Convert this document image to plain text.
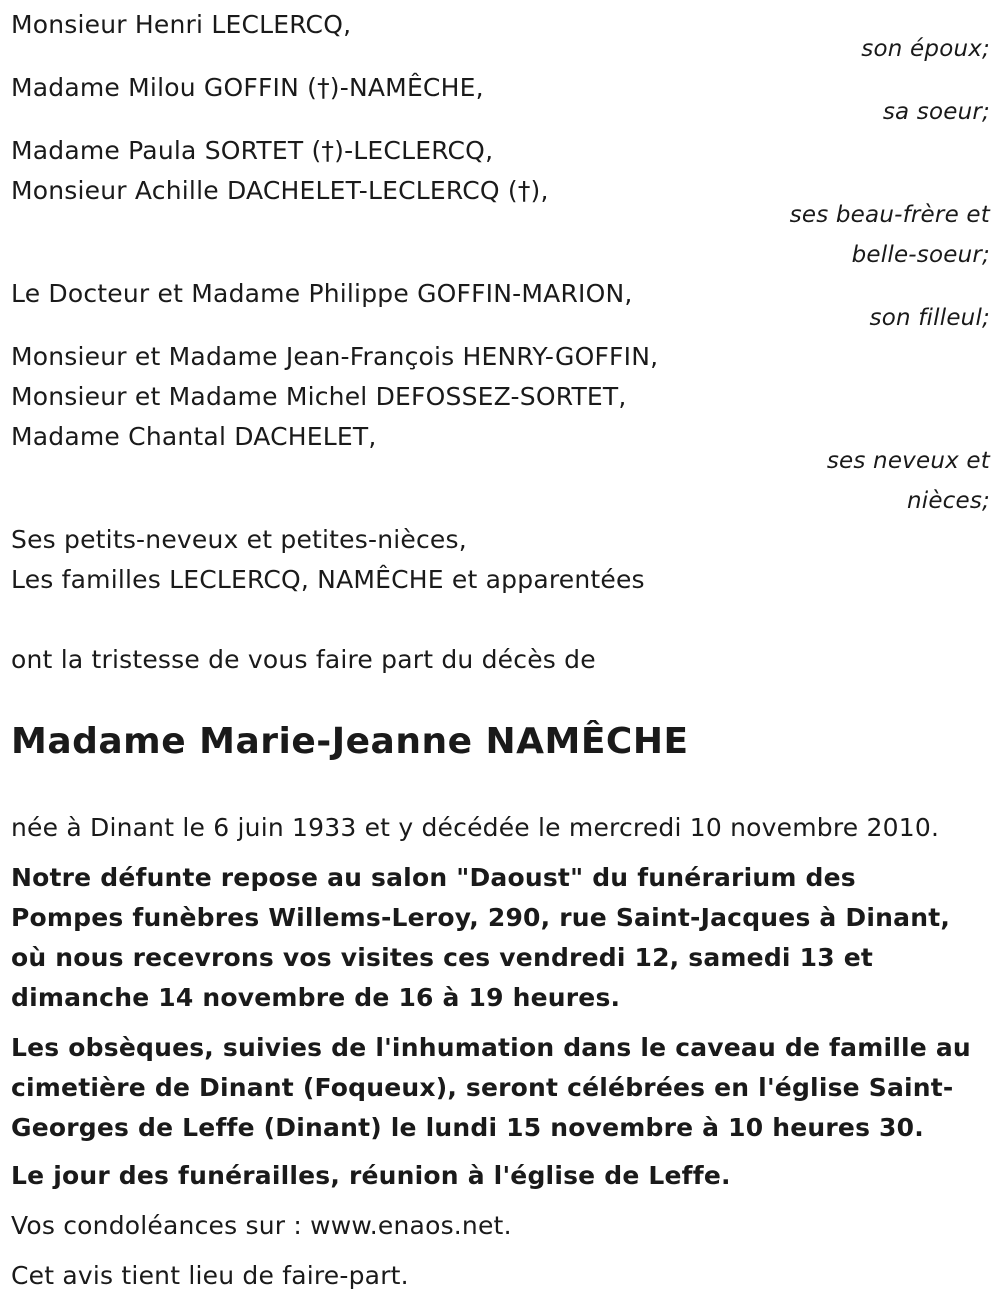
Monsieur Henri LECLERCQ,
Madame Milou GOFFIN (†)-NAMÊCHE,
Madame Paula SORTET (†)-LECLERCQ,
Monsieur Achille DACHELET-LECLERCQ (†),
Le Docteur et Madame Philippe GOFFIN-MARION,
Monsieur et Madame Jean-François HENRY-GOFFIN,
Monsieur et Madame Michel DEFOSSEZ-SORTET,
Madame Chantal DACHELET,
Ses petits-neveux et petites-nièces,
Les familles LECLERCQ, NAMÊCHE et apparentées
son époux;
sa soeur;
ses beau-frère et
belle-soeur;
son filleul;
ses neveux et
nièces;
ont la tristesse de vous faire part du décès de
Madame Marie-Jeanne NAMÊCHE
née à Dinant le 6 juin 1933 et y décédée le mercredi 10 novembre 2010.
Notre défunte repose au salon "Daoust" du funérarium des Pompes funèbres Willems-Leroy, 290, rue Saint-Jacques à Dinant, où nous recevrons vos visites ces vendredi 12, samedi 13 et dimanche 14 novembre de 16 à 19 heures.
Les obsèques, suivies de l'inhumation dans le caveau de famille au cimetière de Dinant (Foqueux), seront célébrées en l'église Saint-Georges de Leffe (Dinant) le lundi 15 novembre à 10 heures 30.
Le jour des funérailles, réunion à l'église de Leffe.
Vos condoléances sur : www.enaos.net.
Cet avis tient lieu de faire-part.
